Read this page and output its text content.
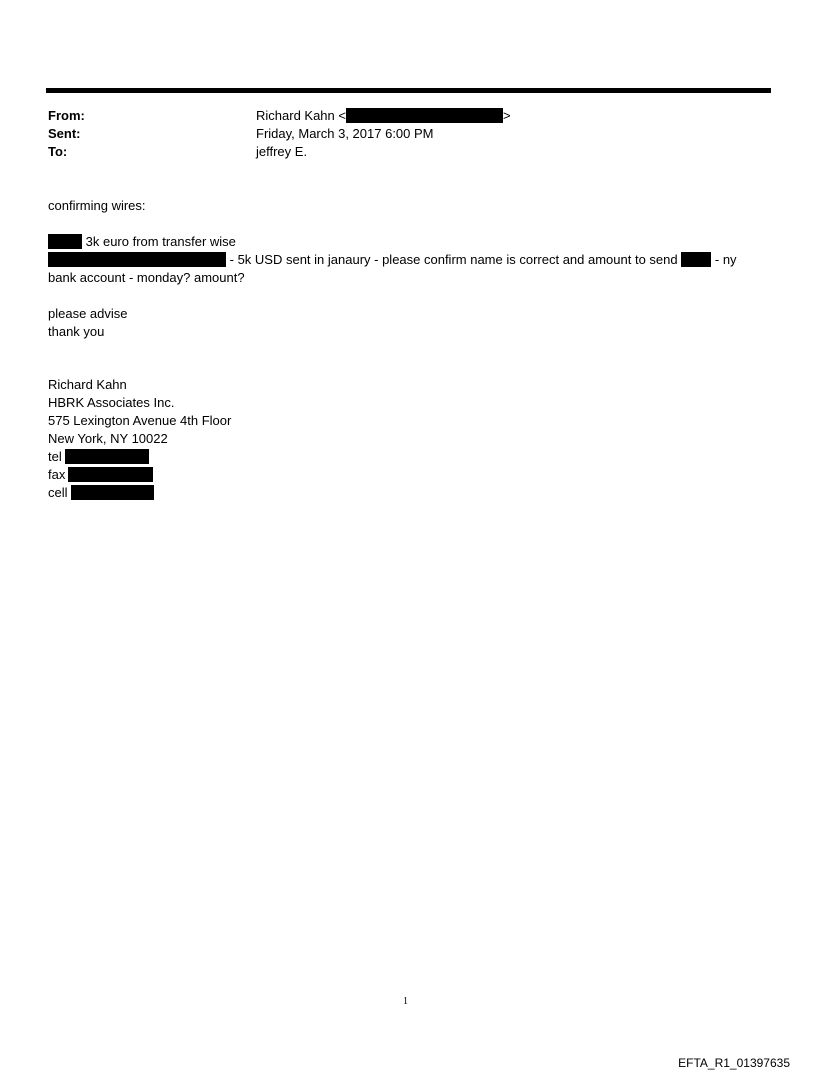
From:	Richard Kahn <	>
Sent:	Friday, March 3, 2017 6:00 PM
To:	jeffrey E.
confirming wires:
3k euro from transfer wise
- 5k USD sent in janaury - please confirm name is correct and amount to send	- ny
bank account - monday? amount?
please advise
thank you
Richard Kahn
HBRK Associates Inc.
575 Lexington Avenue 4th Floor
New York, NY 10022
tel
fax
cell
1
EFTA_R1_01397635
